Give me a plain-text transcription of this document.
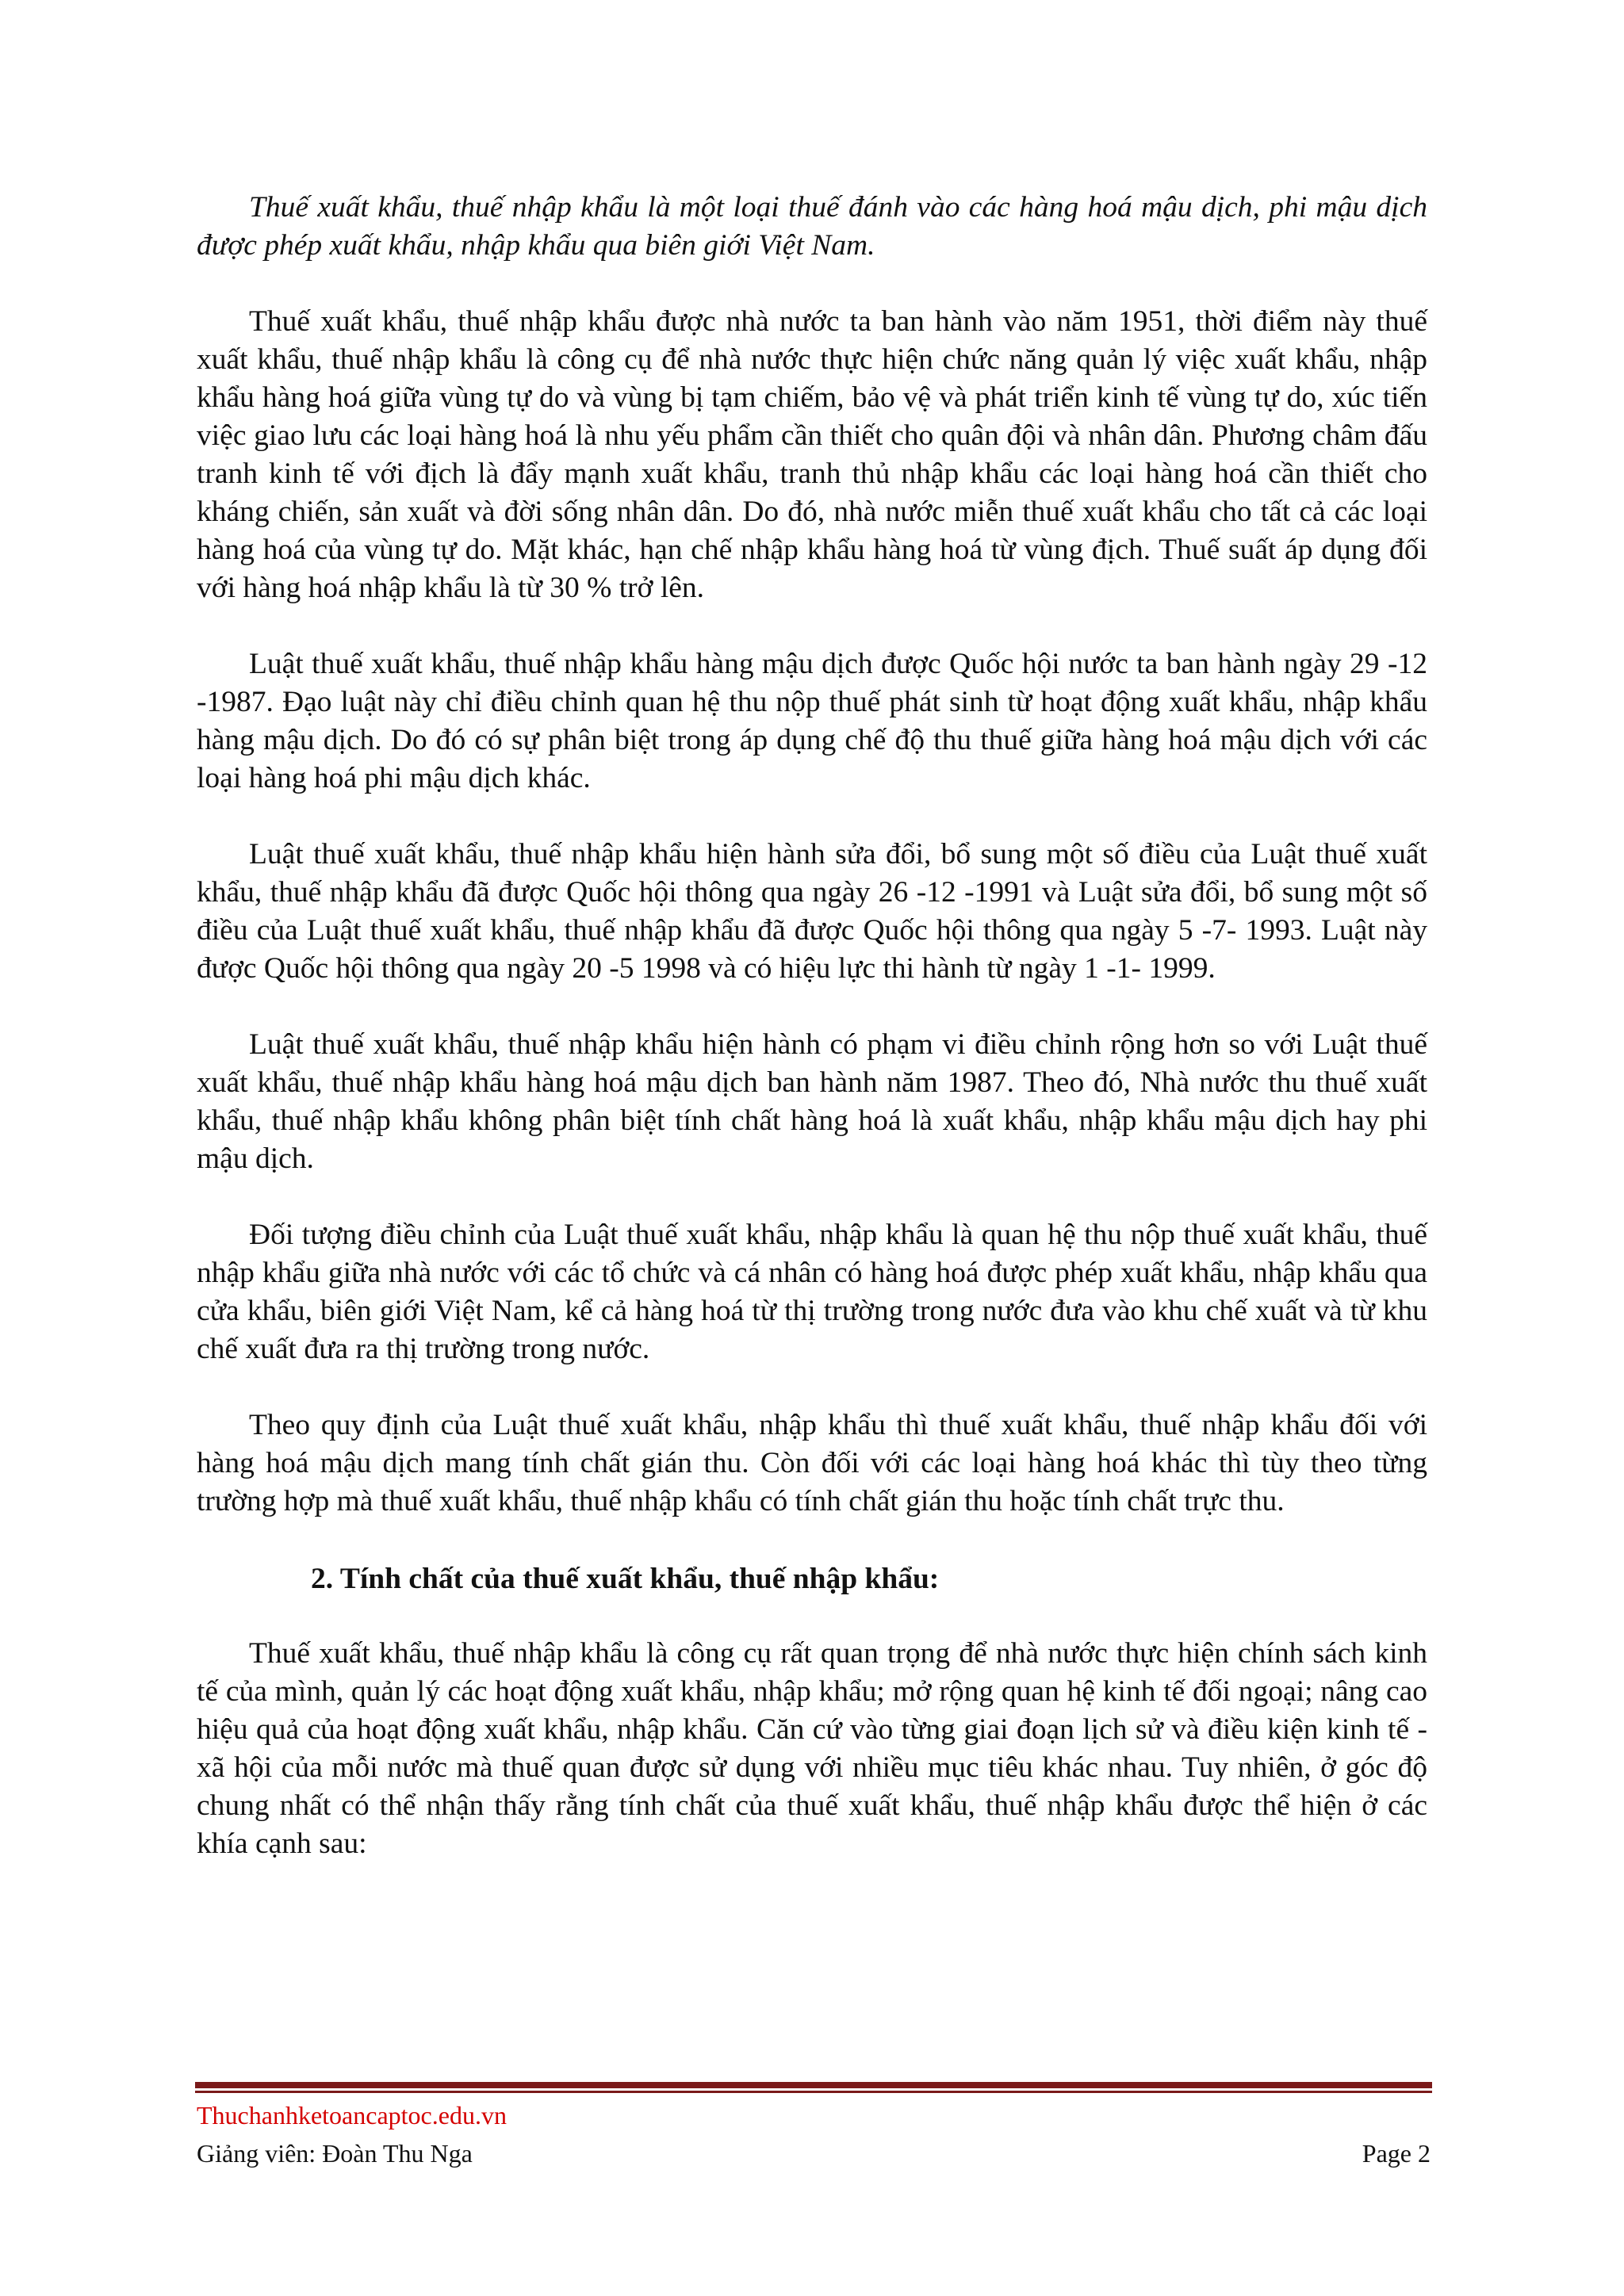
Thuế xuất khẩu, thuế nhập khẩu là một loại thuế đánh vào các hàng hoá mậu dịch, phi mậu dịch được phép xuất khẩu, nhập khẩu qua biên giới Việt Nam.

Thuế xuất khẩu, thuế nhập khẩu được nhà nước ta ban hành vào năm 1951, thời điểm này thuế xuất khẩu, thuế nhập khẩu là công cụ để nhà nước thực hiện chức năng quản lý việc xuất khẩu, nhập khẩu hàng hoá giữa vùng tự do và vùng bị tạm chiếm, bảo vệ và phát triển kinh tế vùng tự do, xúc tiến việc giao lưu các loại hàng hoá là nhu yếu phẩm cần thiết cho quân đội và nhân dân. Phương châm đấu tranh kinh tế với địch là đẩy mạnh xuất khẩu, tranh thủ nhập khẩu các loại hàng hoá cần thiết cho kháng chiến, sản xuất và đời sống nhân dân. Do đó, nhà nước miễn thuế xuất khẩu cho tất cả các loại hàng hoá của vùng tự do. Mặt khác, hạn chế nhập khẩu hàng hoá từ vùng địch. Thuế suất áp dụng đối với hàng hoá nhập khẩu là từ 30 % trở lên.

Luật thuế xuất khẩu, thuế nhập khẩu hàng mậu dịch được Quốc hội nước ta ban hành ngày 29 -12 -1987. Đạo luật này chỉ điều chỉnh quan hệ thu nộp thuế phát sinh từ hoạt động xuất khẩu, nhập khẩu hàng mậu dịch. Do đó có sự phân biệt trong áp dụng chế độ thu thuế giữa hàng hoá mậu dịch với các loại hàng hoá phi mậu dịch khác.

Luật thuế xuất khẩu, thuế nhập khẩu hiện hành sửa đổi, bổ sung một số điều của Luật thuế xuất khẩu, thuế nhập khẩu đã được Quốc hội thông qua ngày 26 -12 -1991 và Luật sửa đổi, bổ sung một số điều của Luật thuế xuất khẩu, thuế nhập khẩu đã được Quốc hội thông qua ngày 5 -7- 1993. Luật này được Quốc hội thông qua ngày 20 -5 1998 và có hiệu lực thi hành từ ngày 1 -1- 1999.

Luật thuế xuất khẩu, thuế nhập khẩu hiện hành có phạm vi điều chỉnh rộng hơn so với Luật thuế xuất khẩu, thuế nhập khẩu hàng hoá mậu dịch ban hành năm 1987. Theo đó, Nhà nước thu thuế xuất khẩu, thuế nhập khẩu không phân biệt tính chất hàng hoá là xuất khẩu, nhập khẩu mậu dịch hay phi mậu dịch.

Đối tượng điều chỉnh của Luật thuế xuất khẩu, nhập khẩu là quan hệ thu nộp thuế xuất khẩu, thuế nhập khẩu giữa nhà nước với các tổ chức và cá nhân có hàng hoá được phép xuất khẩu, nhập khẩu qua cửa khẩu, biên giới Việt Nam, kể cả hàng hoá từ thị trường trong nước đưa vào khu chế xuất và từ khu chế xuất đưa ra thị trường trong nước.

Theo quy định của Luật thuế xuất khẩu, nhập khẩu thì thuế xuất khẩu, thuế nhập khẩu đối với hàng hoá mậu dịch mang tính chất gián thu. Còn đối với các loại hàng hoá khác thì tùy theo từng trường hợp mà thuế xuất khẩu, thuế nhập khẩu có tính chất gián thu hoặc tính chất trực thu.

2. Tính chất của thuế xuất khẩu, thuế nhập khẩu:

Thuế xuất khẩu, thuế nhập khẩu là công cụ rất quan trọng để nhà nước thực hiện chính sách kinh tế của mình, quản lý các hoạt động xuất khẩu, nhập khẩu; mở rộng quan hệ kinh tế đối ngoại; nâng cao hiệu quả của hoạt động xuất khẩu, nhập khẩu. Căn cứ vào từng giai đoạn lịch sử và điều kiện kinh tế - xã hội của mỗi nước mà thuế quan được sử dụng với nhiều mục tiêu khác nhau. Tuy nhiên, ở góc độ chung nhất có thể nhận thấy rằng tính chất của thuế xuất khẩu, thuế nhập khẩu được thể hiện ở các khía cạnh sau:

Thuchanhketoancaptoc.edu.vn
Giảng viên: Đoàn Thu Nga	Page 2
